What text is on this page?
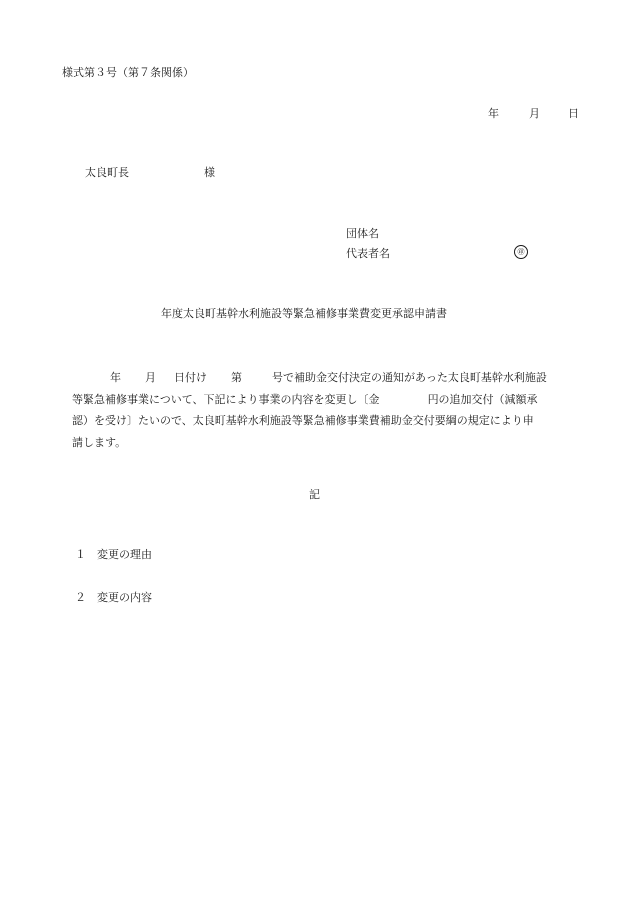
様式第３号（第７条関係）
年	月	日
太良町長	様
団体名
代表者名	㊞
年度太良町基幹水利施設等緊急補修事業費変更承認申請書
年 月 日付け 第	号で補助金交付決定の通知があった太良町基幹水利施設
等緊急補修事業について、下記により事業の内容を変更し〔金	円の追加交付（減額承
認）を受け〕たいので、太良町基幹水利施設等緊急補修事業費補助金交付要綱の規定により申
請します。
記
１ 変更の理由
２ 変更の内容
